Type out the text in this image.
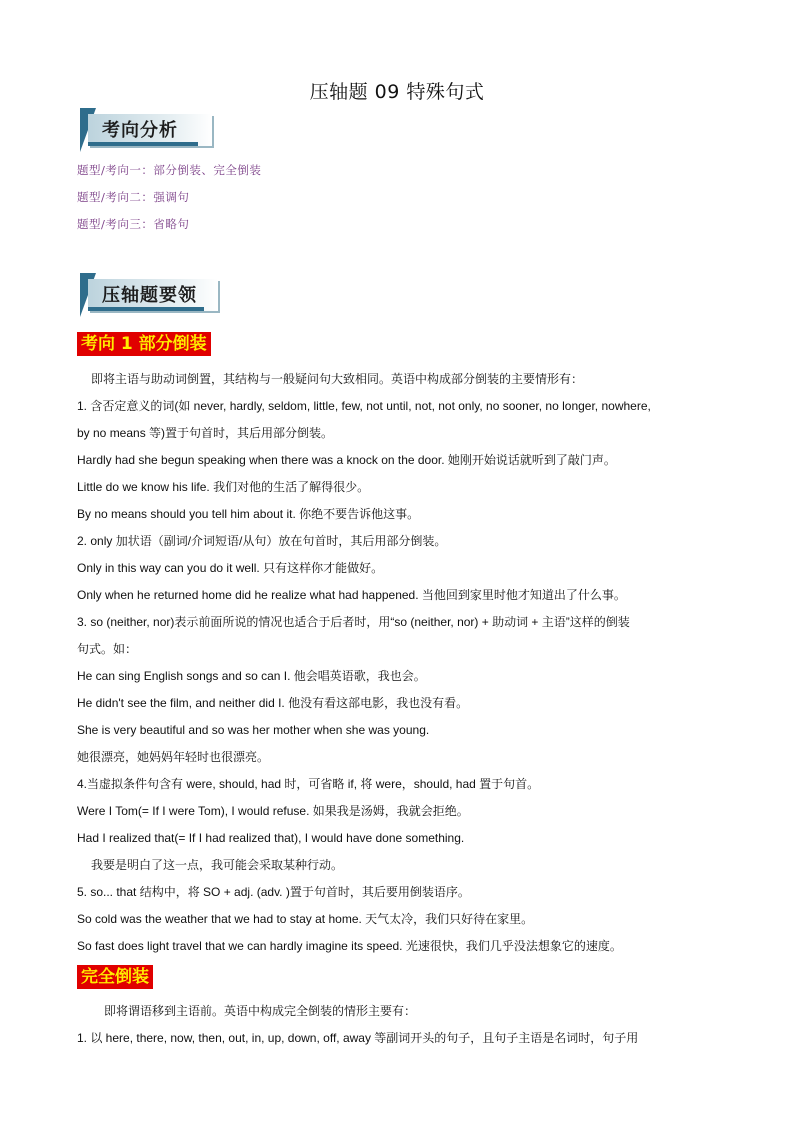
压轴题 09 特殊句式
考向分析
题型/考向一：部分倒装、完全倒装
题型/考向二：强调句
题型/考向三：省略句
压轴题要领
考向 1 部分倒装
即将主语与助动词倒置，其结构与一般疑问句大致相同。英语中构成部分倒装的主要情形有：
1. 含否定意义的词(如 never, hardly, seldom, little, few, not until, not, not only, no sooner, no longer, nowhere,
by no means 等)置于句首时，其后用部分倒装。
Hardly had she begun speaking when there was a knock on the door. 她刚开始说话就听到了敲门声。
Little do we know his life. 我们对他的生活了解得很少。
By no means should you tell him about it. 你绝不要告诉他这事。
2. only 加状语（副词/介词短语/从句）放在句首时，其后用部分倒装。
Only in this way can you do it well. 只有这样你才能做好。
Only when he returned home did he realize what had happened. 当他回到家里时他才知道出了什么事。
3. so (neither, nor)表示前面所说的情况也适合于后者时，用“so (neither, nor) + 助动词 + 主语”这样的倒装
句式。如：
He can sing English songs and so can I. 他会唱英语歌，我也会。
He didn't see the film, and neither did I. 他没有看这部电影，我也没有看。
She is very beautiful and so was her mother when she was young.
她很漂亮，她妈妈年轻时也很漂亮。
4.当虚拟条件句含有 were, should, had 时，可省略 if, 将 were，should, had 置于句首。
Were I Tom(= If I were Tom), I would refuse. 如果我是汤姆，我就会拒绝。
Had I realized that(= If I had realized that), I would have done something.
我要是明白了这一点，我可能会采取某种行动。
5. so... that 结构中，将 SO + adj. (adv. )置于句首时，其后要用倒装语序。
So cold was the weather that we had to stay at home. 天气太冷，我们只好待在家里。
So fast does light travel that we can hardly imagine its speed. 光速很快，我们几乎没法想象它的速度。
完全倒装
即将谓语移到主语前。英语中构成完全倒装的情形主要有：
1. 以 here, there, now, then, out, in, up, down, off, away 等副词开头的句子，且句子主语是名词时，句子用
